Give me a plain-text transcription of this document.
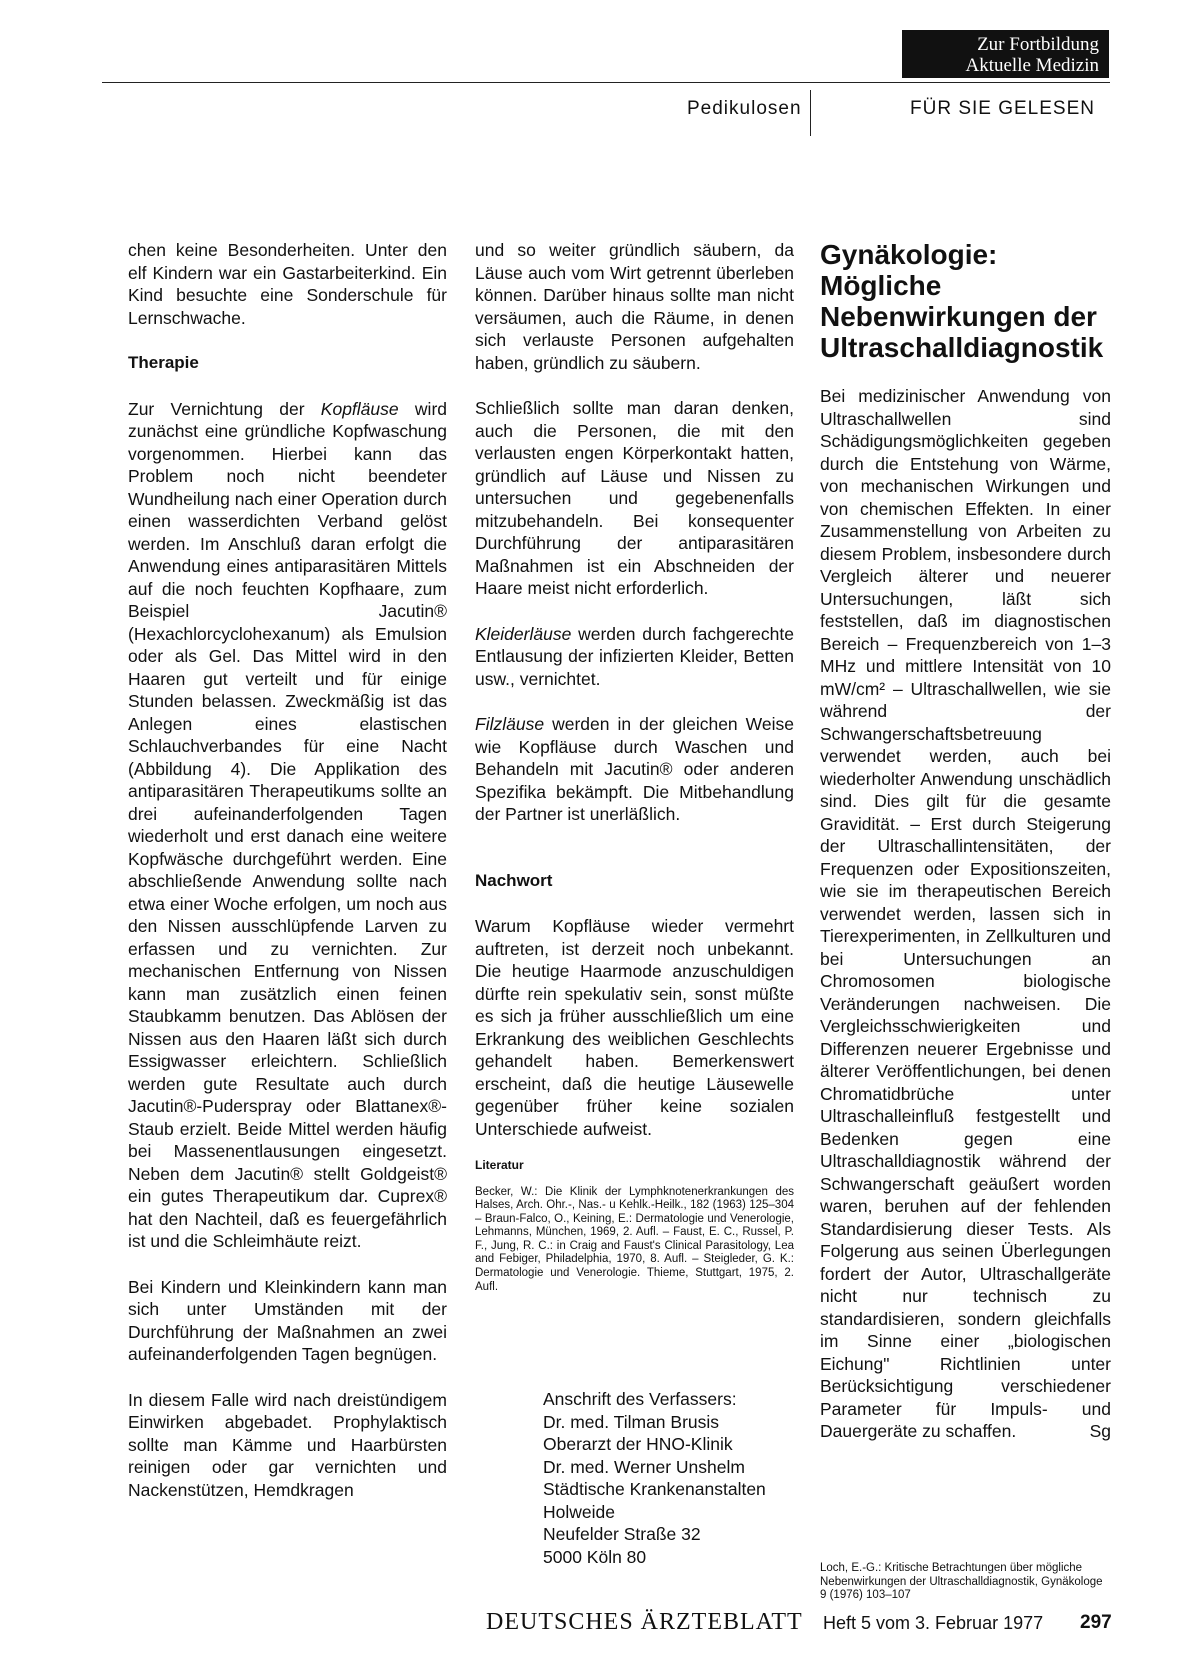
Zur Fortbildung
Aktuelle Medizin
Pedikulosen	FÜR SIE GELESEN

chen keine Besonderheiten. Unter den elf Kindern war ein Gastarbeiterkind. Ein Kind besuchte eine Sonderschule für Lernschwache.

Therapie

Zur Vernichtung der Kopfläuse wird zunächst eine gründliche Kopfwaschung vorgenommen. Hierbei kann das Problem noch nicht beendeter Wundheilung nach einer Operation durch einen wasserdichten Verband gelöst werden. Im Anschluß daran erfolgt die Anwendung eines antiparasitären Mittels auf die noch feuchten Kopfhaare, zum Beispiel Jacutin® (Hexachlorcyclohexanum) als Emulsion oder als Gel. Das Mittel wird in den Haaren gut verteilt und für einige Stunden belassen. Zweckmäßig ist das Anlegen eines elastischen Schlauchverbandes für eine Nacht (Abbildung 4). Die Applikation des antiparasitären Therapeutikums sollte an drei aufeinanderfolgenden Tagen wiederholt und erst danach eine weitere Kopfwäsche durchgeführt werden. Eine abschließende Anwendung sollte nach etwa einer Woche erfolgen, um noch aus den Nissen ausschlüpfende Larven zu erfassen und zu vernichten. Zur mechanischen Entfernung von Nissen kann man zusätzlich einen feinen Staubkamm benutzen. Das Ablösen der Nissen aus den Haaren läßt sich durch Essigwasser erleichtern. Schließlich werden gute Resultate auch durch Jacutin®-Puderspray oder Blattanex®-Staub erzielt. Beide Mittel werden häufig bei Massenentlausungen eingesetzt. Neben dem Jacutin® stellt Goldgeist® ein gutes Therapeutikum dar. Cuprex® hat den Nachteil, daß es feuergefährlich ist und die Schleimhäute reizt.

Bei Kindern und Kleinkindern kann man sich unter Umständen mit der Durchführung der Maßnahmen an zwei aufeinanderfolgenden Tagen begnügen.

In diesem Falle wird nach dreistündigem Einwirken abgebadet. Prophylaktisch sollte man Kämme und Haarbürsten reinigen oder gar vernichten und Nackenstützen, Hemdkragen

und so weiter gründlich säubern, da Läuse auch vom Wirt getrennt überleben können. Darüber hinaus sollte man nicht versäumen, auch die Räume, in denen sich verlauste Personen aufgehalten haben, gründlich zu säubern.

Schließlich sollte man daran denken, auch die Personen, die mit den verlausten engen Körperkontakt hatten, gründlich auf Läuse und Nissen zu untersuchen und gegebenenfalls mitzubehandeln. Bei konsequenter Durchführung der antiparasitären Maßnahmen ist ein Abschneiden der Haare meist nicht erforderlich.

Kleiderläuse werden durch fachgerechte Entlausung der infizierten Kleider, Betten usw., vernichtet.

Filzläuse werden in der gleichen Weise wie Kopfläuse durch Waschen und Behandeln mit Jacutin® oder anderen Spezifika bekämpft. Die Mitbehandlung der Partner ist unerläßlich.

Nachwort

Warum Kopfläuse wieder vermehrt auftreten, ist derzeit noch unbekannt. Die heutige Haarmode anzuschuldigen dürfte rein spekulativ sein, sonst müßte es sich ja früher ausschließlich um eine Erkrankung des weiblichen Geschlechts gehandelt haben. Bemerkenswert erscheint, daß die heutige Läusewelle gegenüber früher keine sozialen Unterschiede aufweist.

Literatur
Becker, W.: Die Klinik der Lymphknotenerkrankungen des Halses, Arch. Ohr.-, Nas.- u Kehlk.-Heilk., 182 (1963) 125–304 – Braun-Falco, O., Keining, E.: Dermatologie und Venerologie, Lehmanns, München, 1969, 2. Aufl. – Faust, E. C., Russel, P. F., Jung, R. C.: in Craig and Faust's Clinical Parasitology, Lea and Febiger, Philadelphia, 1970, 8. Aufl. – Steigleder, G. K.: Dermatologie und Venerologie. Thieme, Stuttgart, 1975, 2. Aufl.
Anschrift des Verfassers:
Dr. med. Tilman Brusis
Oberarzt der HNO-Klinik
Dr. med. Werner Unshelm
Städtische Krankenanstalten
Holweide
Neufelder Straße 32
5000 Köln 80
Gynäkologie:
Mögliche
Nebenwirkungen der
Ultraschalldiagnostik

Bei medizinischer Anwendung von Ultraschallwellen sind Schädigungsmöglichkeiten gegeben durch die Entstehung von Wärme, von mechanischen Wirkungen und von chemischen Effekten. In einer Zusammenstellung von Arbeiten zu diesem Problem, insbesondere durch Vergleich älterer und neuerer Untersuchungen, läßt sich feststellen, daß im diagnostischen Bereich – Frequenzbereich von 1–3 MHz und mittlere Intensität von 10 mW/cm² – Ultraschallwellen, wie sie während der Schwangerschaftsbetreuung verwendet werden, auch bei wiederholter Anwendung unschädlich sind. Dies gilt für die gesamte Gravidität. – Erst durch Steigerung der Ultraschallintensitäten, der Frequenzen oder Expositionszeiten, wie sie im therapeutischen Bereich verwendet werden, lassen sich in Tierexperimenten, in Zellkulturen und bei Untersuchungen an Chromosomen biologische Veränderungen nachweisen. Die Vergleichsschwierigkeiten und Differenzen neuerer Ergebnisse und älterer Veröffentlichungen, bei denen Chromatidbrüche unter Ultraschalleinfluß festgestellt und Bedenken gegen eine Ultraschalldiagnostik während der Schwangerschaft geäußert worden waren, beruhen auf der fehlenden Standardisierung dieser Tests. Als Folgerung aus seinen Überlegungen fordert der Autor, Ultraschallgeräte nicht nur technisch zu standardisieren, sondern gleichfalls im Sinne einer „biologischen Eichung" Richtlinien unter Berücksichtigung verschiedener Parameter für Impuls- und Dauergeräte zu schaffen.	Sg

Loch, E.-G.: Kritische Betrachtungen über mögliche Nebenwirkungen der Ultraschalldiagnostik, Gynäkologe 9 (1976) 103–107
DEUTSCHES ÄRZTEBLATT Heft 5 vom 3. Februar 1977 297
